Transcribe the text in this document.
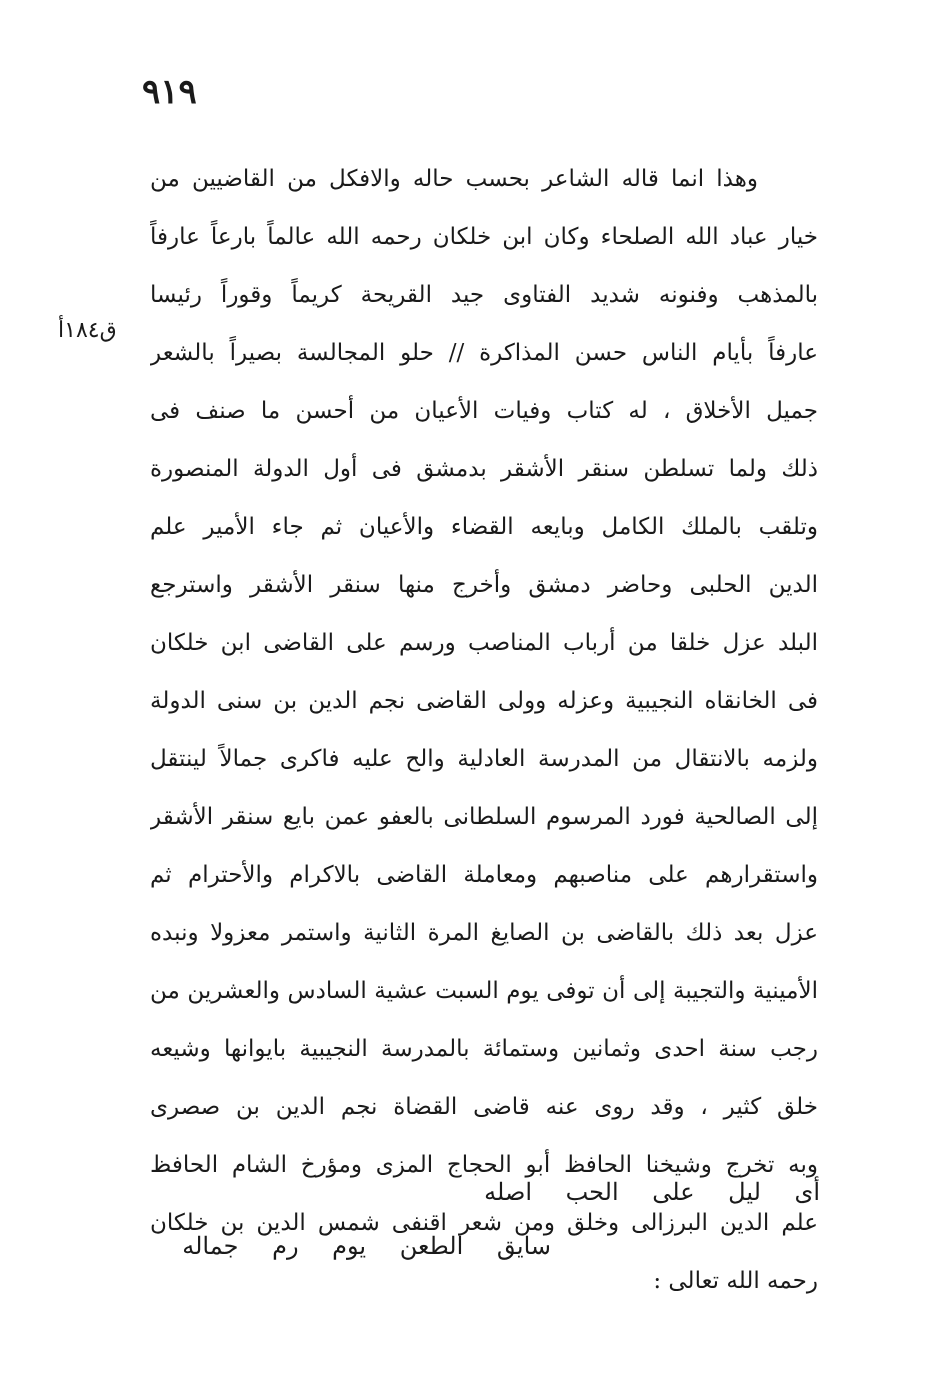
٩١٩
ق١٨٤أ
وهذا انما قاله الشاعر بحسب حاله والافكل من القاضيين من
خيار عباد الله الصلحاء وكان ابن خلكان رحمه الله عالماً بارعاً عارفاً
بالمذهب وفنونه شديد الفتاوى جيد القريحة كريماً وقوراً رئيسا
عارفاً بأيام الناس حسن المذاكرة // حلو المجالسة بصيراً بالشعر
جميل الأخلاق ، له كتاب وفيات الأعيان من أحسن ما صنف فى
ذلك ولما تسلطن سنقر الأشقر بدمشق فى أول الدولة المنصورة
وتلقب بالملك الكامل وبايعه القضاء والأعيان ثم جاء الأمير علم
الدين الحلبى وحاضر دمشق وأخرج منها سنقر الأشقر واسترجع
البلد عزل خلقا من أرباب المناصب ورسم على القاضى ابن خلكان
فى الخانقاه النجيبية وعزله وولى القاضى نجم الدين بن سنى الدولة
ولزمه بالانتقال من المدرسة العادلية والح عليه فاكرى جمالاً لينتقل
إلى الصالحية فورد المرسوم السلطانى بالعفو عمن بايع سنقر الأشقر
واستقرارهم على مناصبهم ومعاملة القاضى بالاكرام والأحترام ثم
عزل بعد ذلك بالقاضى بن الصايغ المرة الثانية واستمر معزولا ونبده
الأمينية والتجيبة إلى أن توفى يوم السبت عشية السادس والعشرين من
رجب سنة احدى وثمانين وستمائة بالمدرسة النجيبية بايوانها وشيعه
خلق كثير ، وقد روى عنه قاضى القضاة نجم الدين بن صصرى
وبه تخرج وشيخنا الحافظ أبو الحجاج المزى ومؤرخ الشام الحافظ
علم الدين البرزالى وخلق ومن شعر اقنفى شمس الدين بن خلكان
رحمه الله تعالى :
أى ليل على الحب اصله
سايق الطعن يوم رم جماله
